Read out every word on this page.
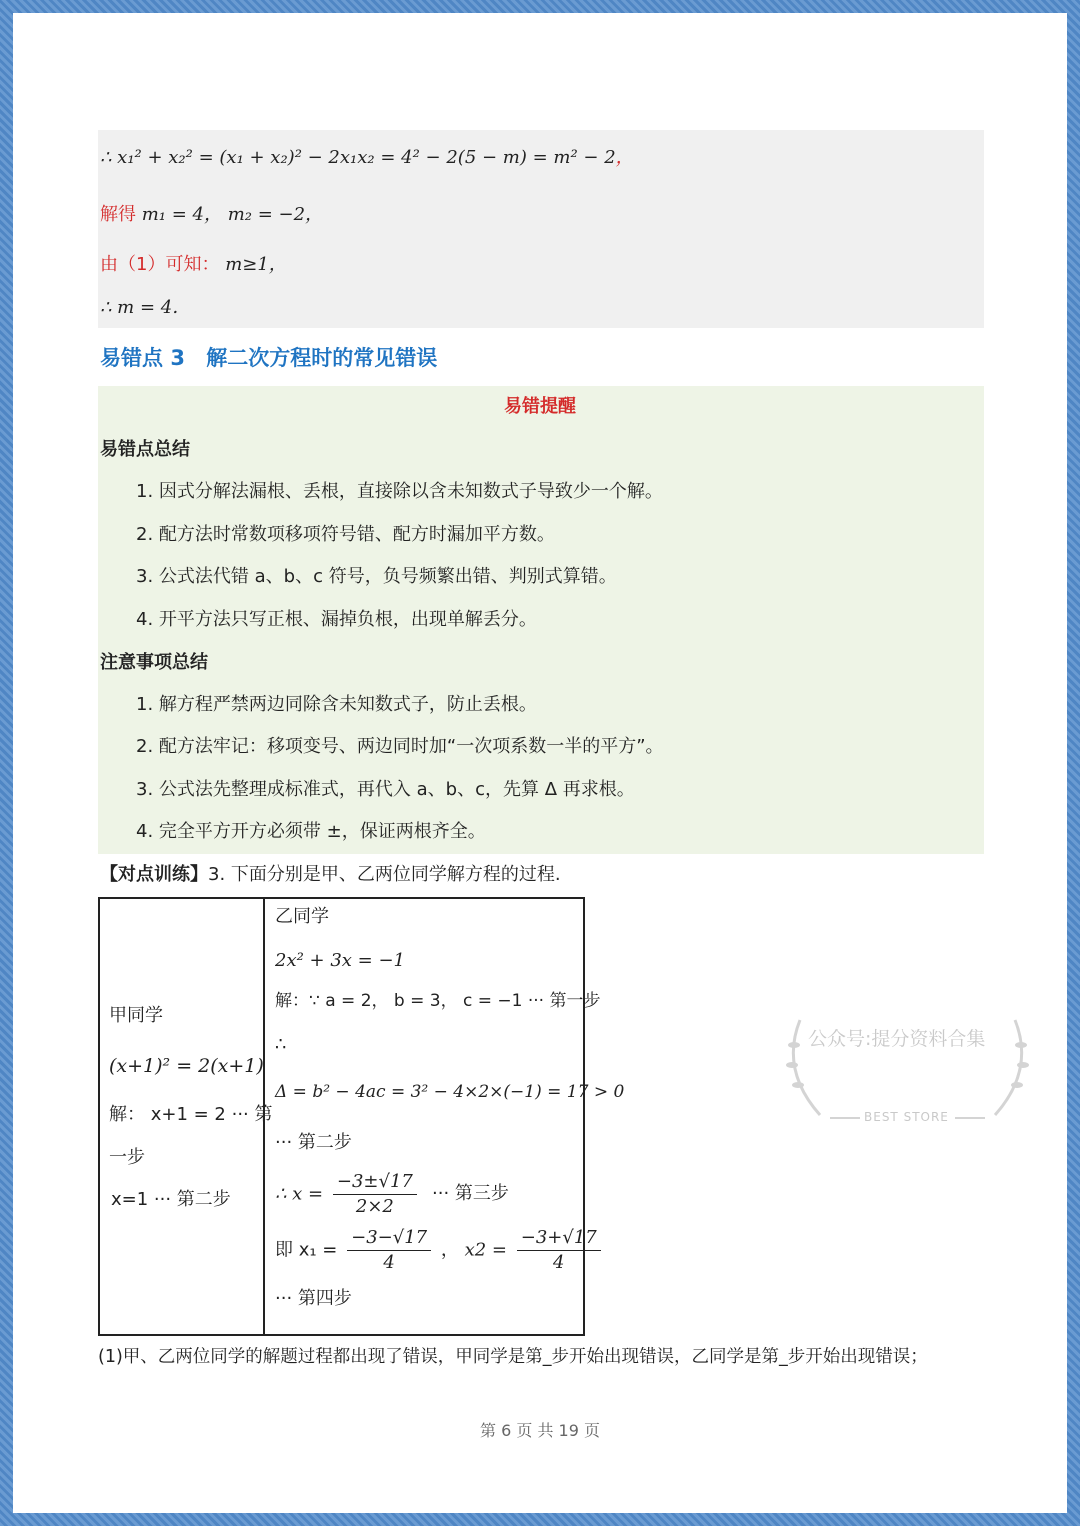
∴ x₁² + x₂² = (x₁ + x₂)² − 2x₁x₂ = 4² − 2(5 − m) = m² − 2，
解得 m₁ = 4， m₂ = −2，
由（1）可知： m≥1，
∴ m = 4．
易错点 3 解二次方程时的常见错误
易错提醒
易错点总结
1. 因式分解法漏根、丢根，直接除以含未知数式子导致少一个解。
2. 配方法时常数项移项符号错、配方时漏加平方数。
3. 公式法代错 a、b、c 符号，负号频繁出错、判别式算错。
4. 开平方法只写正根、漏掉负根，出现单解丢分。
注意事项总结
1. 解方程严禁两边同除含未知数式子，防止丢根。
2. 配方法牢记：移项变号、两边同时加“一次项系数一半的平方”。
3. 公式法先整理成标准式，再代入 a、b、c，先算 Δ 再求根。
4. 完全平方开方必须带 ±，保证两根齐全。
【对点训练】3. 下面分别是甲、乙两位同学解方程的过程.
甲同学
(x+1)² = 2(x+1)
解： x+1 = 2 ··· 第
一步
x=1 ··· 第二步
乙同学
2x² + 3x = −1
解：∵ a = 2， b = 3， c = −1 ··· 第一步
∴
Δ = b² − 4ac = 3² − 4×2×(−1) = 17 > 0
··· 第二步
∴ $x = \frac{-3\pm√17}{2\times 2}$ ··· 第三步
即 $x_1 = \frac{-3-√17}{4}$ ， $x2 = \frac{-3+√17}{4}$
··· 第四步
公众号:提分资料合集
BEST STORE
(1)甲、乙两位同学的解题过程都出现了错误，甲同学是第_步开始出现错误，乙同学是第_步开始出现错误；
第 6 页 共 19 页
